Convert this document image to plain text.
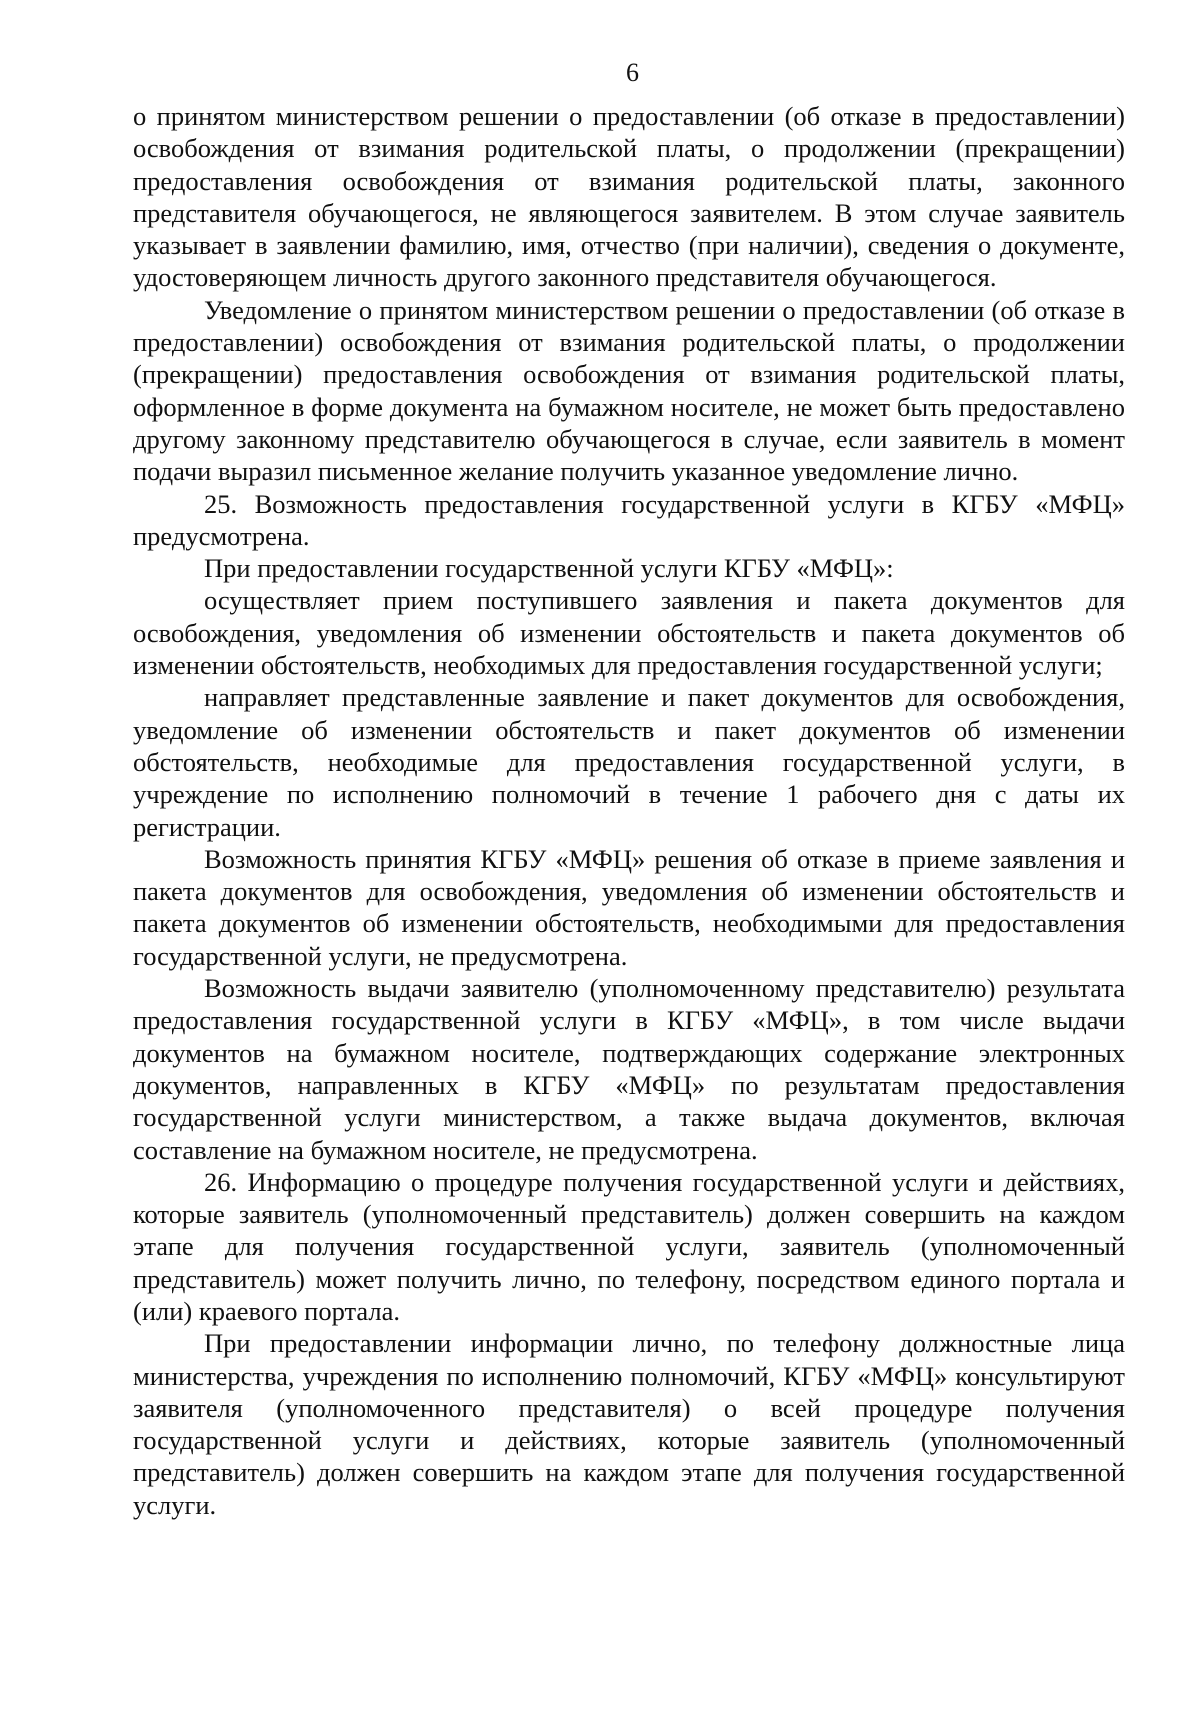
6

о принятом министерством решении о предоставлении (об отказе в предоставлении) освобождения от взимания родительской платы, о продолжении (прекращении) предоставления освобождения от взимания родительской платы, законного представителя обучающегося, не являющегося заявителем. В этом случае заявитель указывает в заявлении фамилию, имя, отчество (при наличии), сведения о документе, удостоверяющем личность другого законного представителя обучающегося.

Уведомление о принятом министерством решении о предоставлении (об отказе в предоставлении) освобождения от взимания родительской платы, о продолжении (прекращении) предоставления освобождения от взимания родительской платы, оформленное в форме документа на бумажном носителе, не может быть предоставлено другому законному представителю обучающегося в случае, если заявитель в момент подачи выразил письменное желание получить указанное уведомление лично.

25. Возможность предоставления государственной услуги в КГБУ «МФЦ» предусмотрена.

При предоставлении государственной услуги КГБУ «МФЦ»:

осуществляет прием поступившего заявления и пакета документов для освобождения, уведомления об изменении обстоятельств и пакета документов об изменении обстоятельств, необходимых для предоставления государственной услуги;

направляет представленные заявление и пакет документов для освобождения, уведомление об изменении обстоятельств и пакет документов об изменении обстоятельств, необходимые для предоставления государственной услуги, в учреждение по исполнению полномочий в течение 1 рабочего дня с даты их регистрации.

Возможность принятия КГБУ «МФЦ» решения об отказе в приеме заявления и пакета документов для освобождения, уведомления об изменении обстоятельств и пакета документов об изменении обстоятельств, необходимыми для предоставления государственной услуги, не предусмотрена.

Возможность выдачи заявителю (уполномоченному представителю) результата предоставления государственной услуги в КГБУ «МФЦ», в том числе выдачи документов на бумажном носителе, подтверждающих содержание электронных документов, направленных в КГБУ «МФЦ» по результатам предоставления государственной услуги министерством, а также выдача документов, включая составление на бумажном носителе, не предусмотрена.

26. Информацию о процедуре получения государственной услуги и действиях, которые заявитель (уполномоченный представитель) должен совершить на каждом этапе для получения государственной услуги, заявитель (уполномоченный представитель) может получить лично, по телефону, посредством единого портала и (или) краевого портала.

При предоставлении информации лично, по телефону должностные лица министерства, учреждения по исполнению полномочий, КГБУ «МФЦ» консультируют заявителя (уполномоченного представителя) о всей процедуре получения государственной услуги и действиях, которые заявитель (уполномоченный представитель) должен совершить на каждом этапе для получения государственной услуги.
